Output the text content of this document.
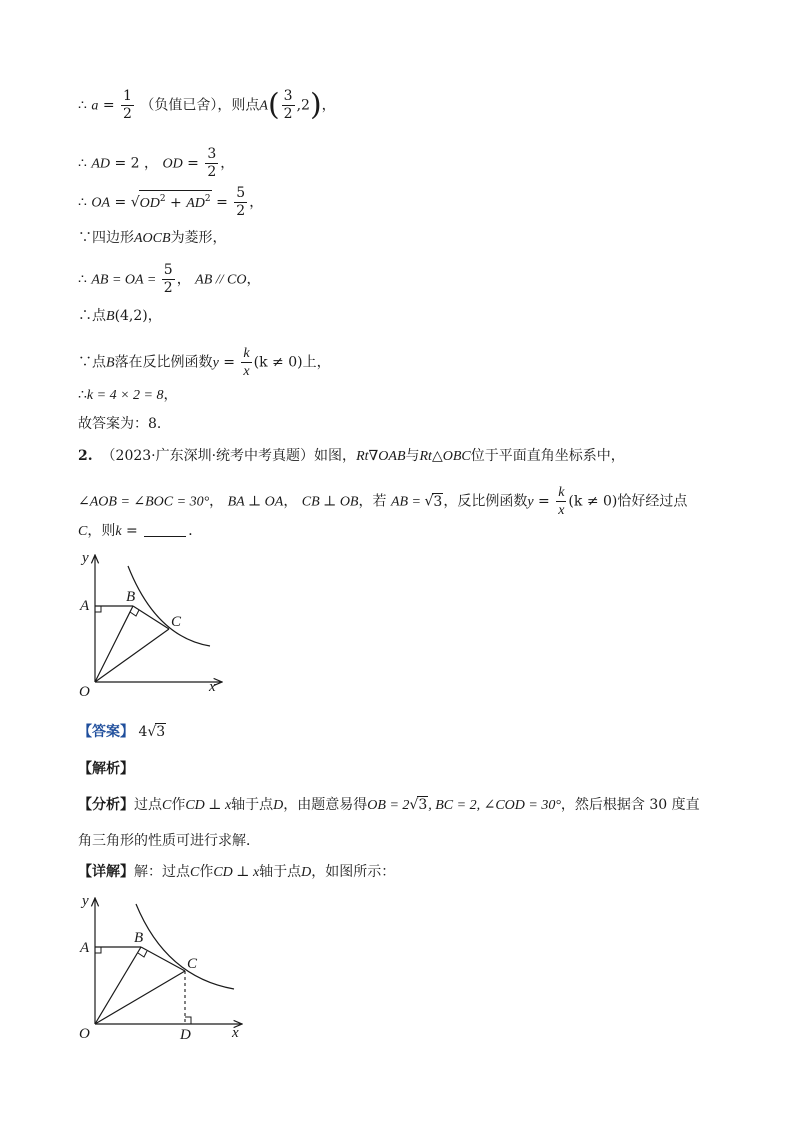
∴ $a = \frac{1}{2}$ （负值已舍），则点$A( \frac{3}{2} ,2)$，
∴ AD = 2 ， OD = $\frac{3}{2}$ ，
∴ OA = $√OD^2 + AD^2 = \frac{5}{2}$ ，
∵四边形AOCB为菱形，
∴ AB = OA = $\frac{5}{2}$ ， AB // CO，
∴点B(4,2)，
∵点B落在反比例函数$y = \frac{k}{x} (k \ne 0)$上，
∴k = 4 × 2 = 8，
故答案为：8．
2. （2023·广东深圳·统考中考真题）如图，Rt∇OAB与Rt△OBC位于平面直角坐标系中，
∠AOB = ∠BOC = 30°， BA ⊥ OA， CB ⊥ OB，若 AB = √3，反比例函数$y = \frac{k}{x} (k \ne 0)$恰好经过点
C，则k =	．
y
A
B
C
O	x
【答案】 4√3
【解析】
【分析】过点C作CD ⊥ x轴于点D，由题意易得OB = 2√3, BC = 2, ∠COD = 30°，然后根据含 30 度直
角三角形的性质可进行求解．
【详解】解：过点C作CD ⊥ x轴于点D，如图所示：
y
A
B
C
O	D	x
